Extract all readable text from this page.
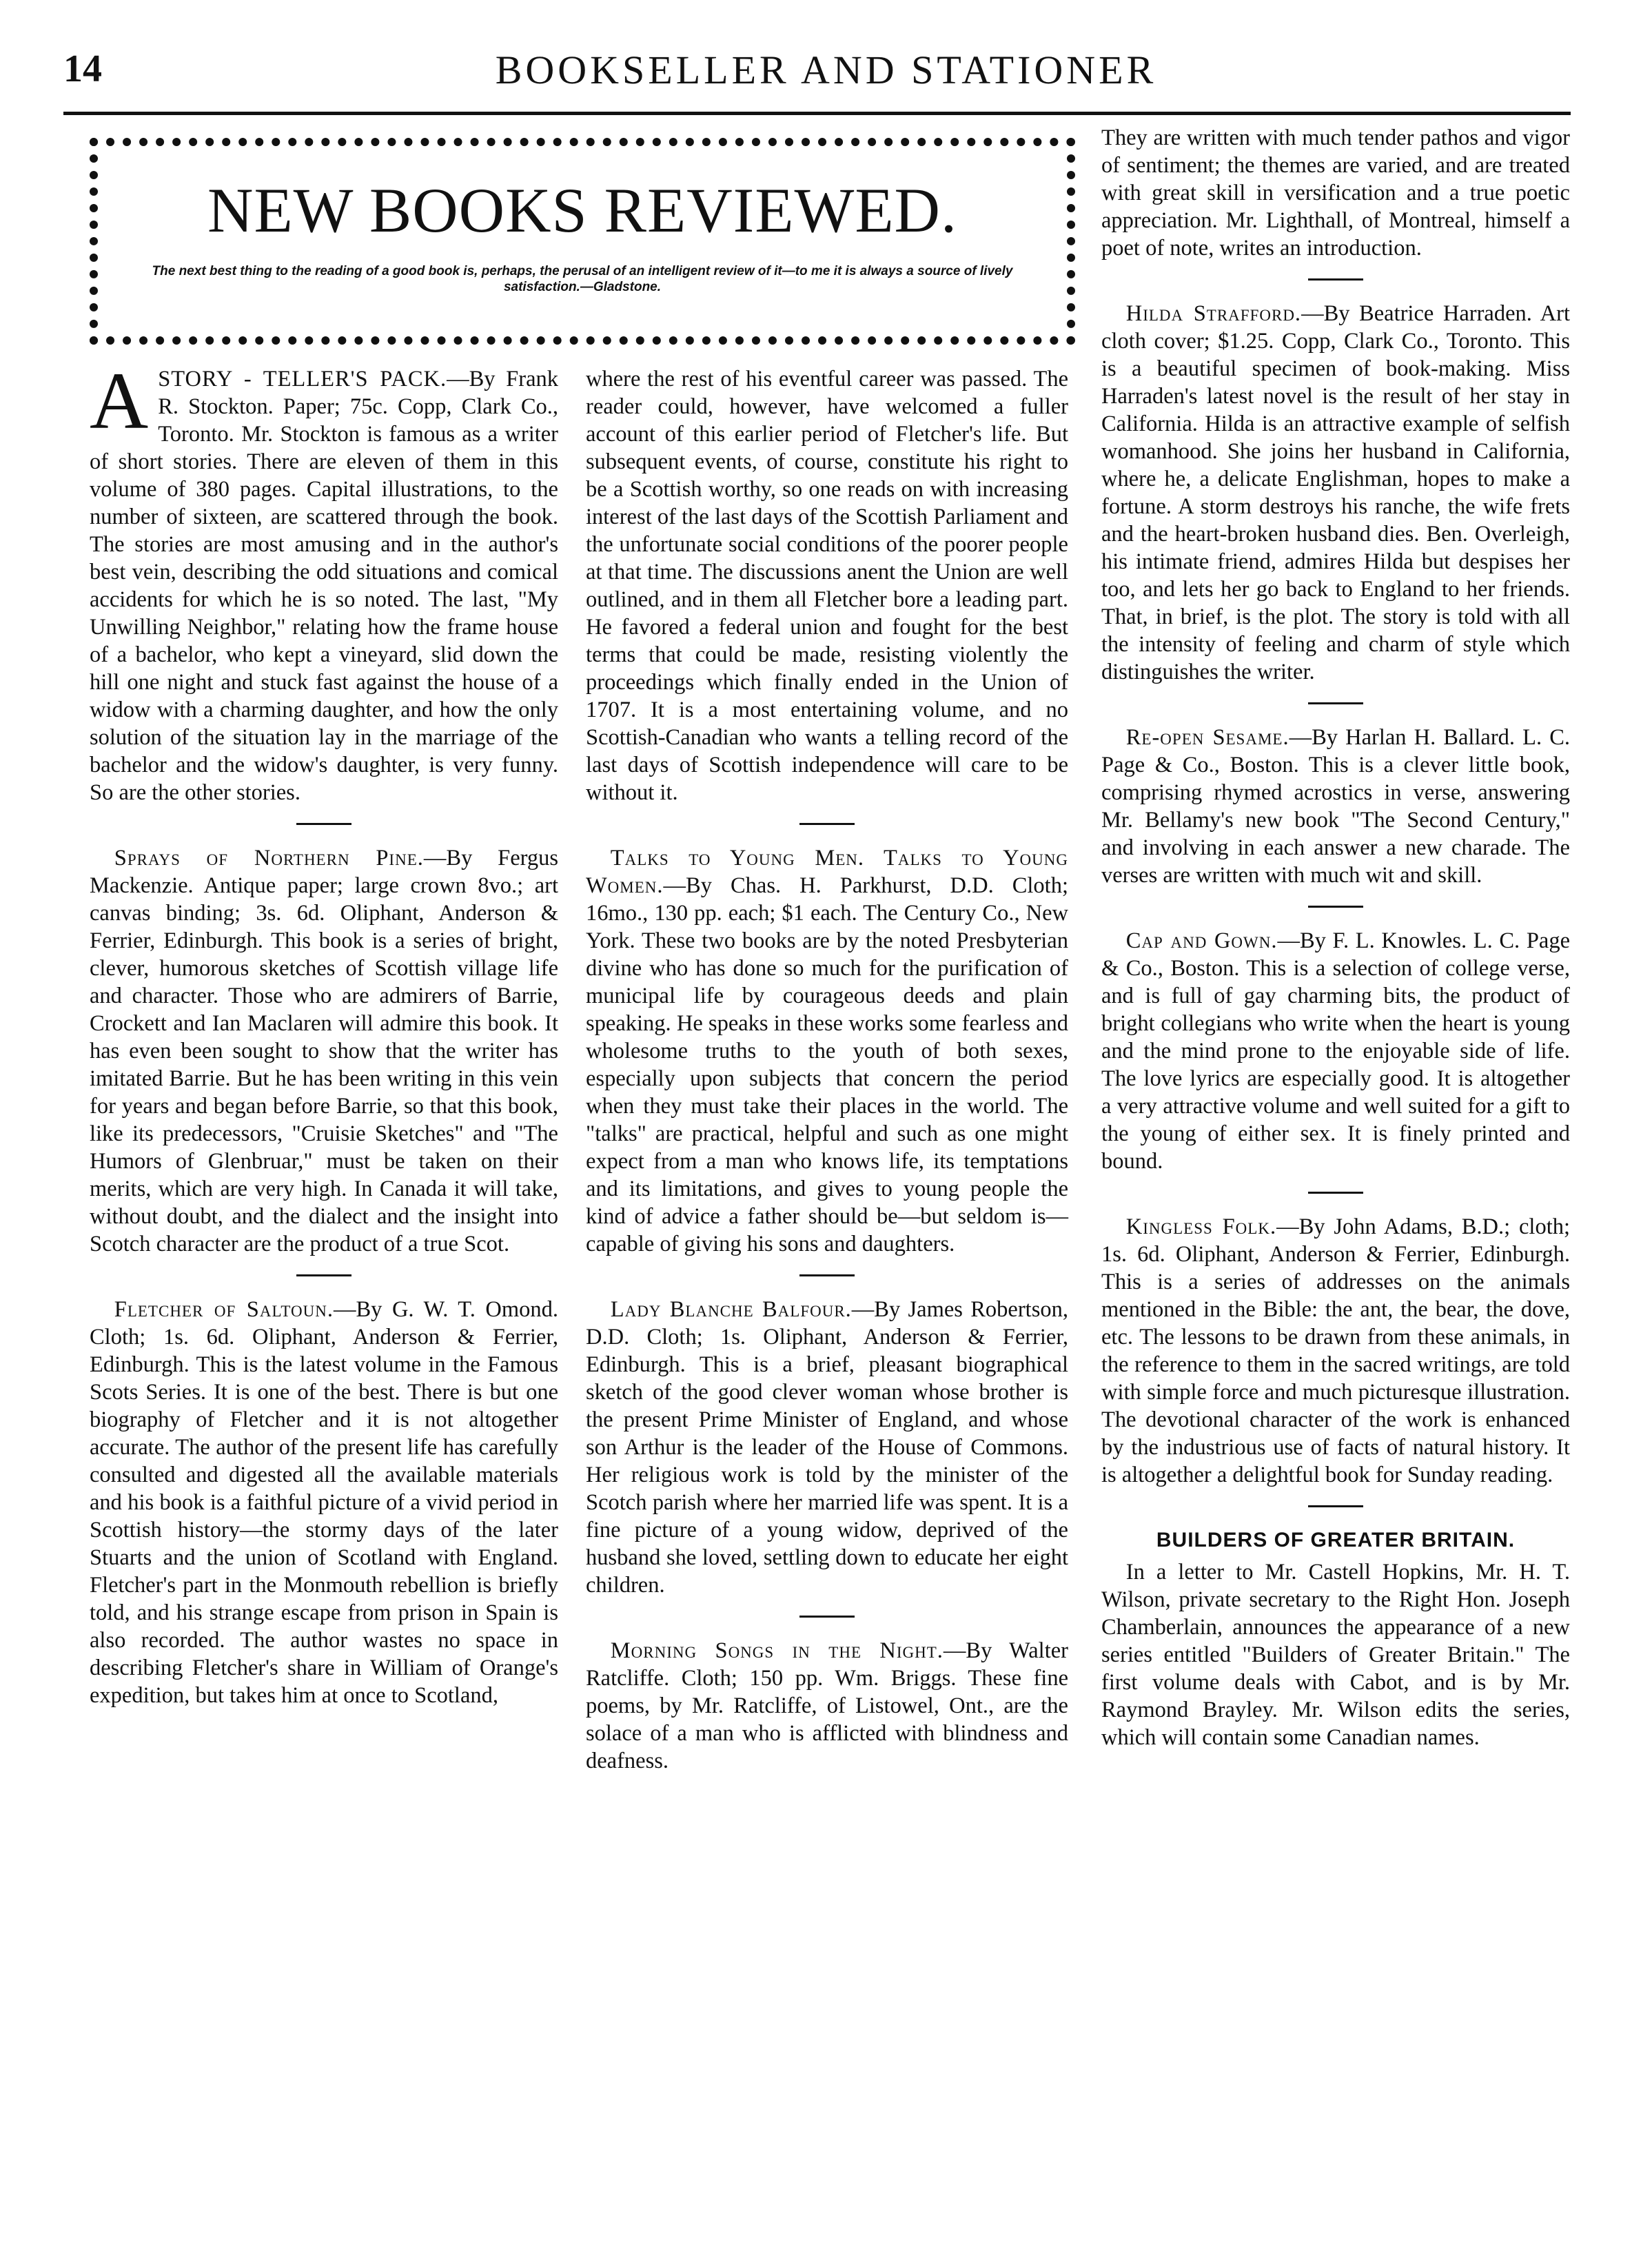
14	BOOKSELLER AND STATIONER
NEW BOOKS REVIEWED.
The next best thing to the reading of a good book is, perhaps, the perusal of an intelligent review of it—to me it is always a source of lively satisfaction.—Gladstone.

A STORY - TELLER'S PACK.—By Frank R. Stockton. Paper; 75c. Copp, Clark Co., Toronto. Mr. Stockton is famous as a writer of short stories. There are eleven of them in this volume of 380 pages. Capital illustrations, to the number of sixteen, are scattered through the book. The stories are most amusing and in the author's best vein, describing the odd situations and comical accidents for which he is so noted. The last, "My Unwilling Neighbor," relating how the frame house of a bachelor, who kept a vineyard, slid down the hill one night and stuck fast against the house of a widow with a charming daughter, and how the only solution of the situation lay in the marriage of the bachelor and the widow's daughter, is very funny. So are the other stories.

Sprays of Northern Pine.—By Fergus Mackenzie. Antique paper; large crown 8vo.; art canvas binding; 3s. 6d. Oliphant, Anderson & Ferrier, Edinburgh. This book is a series of bright, clever, humorous sketches of Scottish village life and character. Those who are admirers of Barrie, Crockett and Ian Maclaren will admire this book. It has even been sought to show that the writer has imitated Barrie. But he has been writing in this vein for years and began before Barrie, so that this book, like its predecessors, "Cruisie Sketches" and "The Humors of Glenbruar," must be taken on their merits, which are very high. In Canada it will take, without doubt, and the dialect and the insight into Scotch character are the product of a true Scot.

Fletcher of Saltoun.—By G. W. T. Omond. Cloth; 1s. 6d. Oliphant, Anderson & Ferrier, Edinburgh. This is the latest volume in the Famous Scots Series. It is one of the best. There is but one biography of Fletcher and it is not altogether accurate. The author of the present life has carefully consulted and digested all the available materials and his book is a faithful picture of a vivid period in Scottish history—the stormy days of the later Stuarts and the union of Scotland with England. Fletcher's part in the Monmouth rebellion is briefly told, and his strange escape from prison in Spain is also recorded. The author wastes no space in describing Fletcher's share in William of Orange's expedition, but takes him at once to Scotland,

where the rest of his eventful career was passed. The reader could, however, have welcomed a fuller account of this earlier period of Fletcher's life. But subsequent events, of course, constitute his right to be a Scottish worthy, so one reads on with increasing interest of the last days of the Scottish Parliament and the unfortunate social conditions of the poorer people at that time. The discussions anent the Union are well outlined, and in them all Fletcher bore a leading part. He favored a federal union and fought for the best terms that could be made, resisting violently the proceedings which finally ended in the Union of 1707. It is a most entertaining volume, and no Scottish-Canadian who wants a telling record of the last days of Scottish independence will care to be without it.

Talks to Young Men. Talks to Young Women.—By Chas. H. Parkhurst, D.D. Cloth; 16mo., 130 pp. each; $1 each. The Century Co., New York. These two books are by the noted Presbyterian divine who has done so much for the purification of municipal life by courageous deeds and plain speaking. He speaks in these works some fearless and wholesome truths to the youth of both sexes, especially upon subjects that concern the period when they must take their places in the world. The "talks" are practical, helpful and such as one might expect from a man who knows life, its temptations and its limitations, and gives to young people the kind of advice a father should be—but seldom is—capable of giving his sons and daughters.

Lady Blanche Balfour.—By James Robertson, D.D. Cloth; 1s. Oliphant, Anderson & Ferrier, Edinburgh. This is a brief, pleasant biographical sketch of the good clever woman whose brother is the present Prime Minister of England, and whose son Arthur is the leader of the House of Commons. Her religious work is told by the minister of the Scotch parish where her married life was spent. It is a fine picture of a young widow, deprived of the husband she loved, settling down to educate her eight children.

Morning Songs in the Night.—By Walter Ratcliffe. Cloth; 150 pp. Wm. Briggs. These fine poems, by Mr. Ratcliffe, of Listowel, Ont., are the solace of a man who is afflicted with blindness and deafness.

They are written with much tender pathos and vigor of sentiment; the themes are varied, and are treated with great skill in versification and a true poetic appreciation. Mr. Lighthall, of Montreal, himself a poet of note, writes an introduction.

Hilda Strafford.—By Beatrice Harraden. Art cloth cover; $1.25. Copp, Clark Co., Toronto. This is a beautiful specimen of book-making. Miss Harraden's latest novel is the result of her stay in California. Hilda is an attractive example of selfish womanhood. She joins her husband in California, where he, a delicate Englishman, hopes to make a fortune. A storm destroys his ranche, the wife frets and the heart-broken husband dies. Ben. Overleigh, his intimate friend, admires Hilda but despises her too, and lets her go back to England to her friends. That, in brief, is the plot. The story is told with all the intensity of feeling and charm of style which distinguishes the writer.

Re-open Sesame.—By Harlan H. Ballard. L. C. Page & Co., Boston. This is a clever little book, comprising rhymed acrostics in verse, answering Mr. Bellamy's new book "The Second Century," and involving in each answer a new charade. The verses are written with much wit and skill.

Cap and Gown.—By F. L. Knowles. L. C. Page & Co., Boston. This is a selection of college verse, and is full of gay charming bits, the product of bright collegians who write when the heart is young and the mind prone to the enjoyable side of life. The love lyrics are especially good. It is altogether a very attractive volume and well suited for a gift to the young of either sex. It is finely printed and bound.

Kingless Folk.—By John Adams, B.D.; cloth; 1s. 6d. Oliphant, Anderson & Ferrier, Edinburgh. This is a series of addresses on the animals mentioned in the Bible: the ant, the bear, the dove, etc. The lessons to be drawn from these animals, in the reference to them in the sacred writings, are told with simple force and much picturesque illustration. The devotional character of the work is enhanced by the industrious use of facts of natural history. It is altogether a delightful book for Sunday reading.

BUILDERS OF GREATER BRITAIN.

In a letter to Mr. Castell Hopkins, Mr. H. T. Wilson, private secretary to the Right Hon. Joseph Chamberlain, announces the appearance of a new series entitled "Builders of Greater Britain." The first volume deals with Cabot, and is by Mr. Raymond Brayley. Mr. Wilson edits the series, which will contain some Canadian names.
